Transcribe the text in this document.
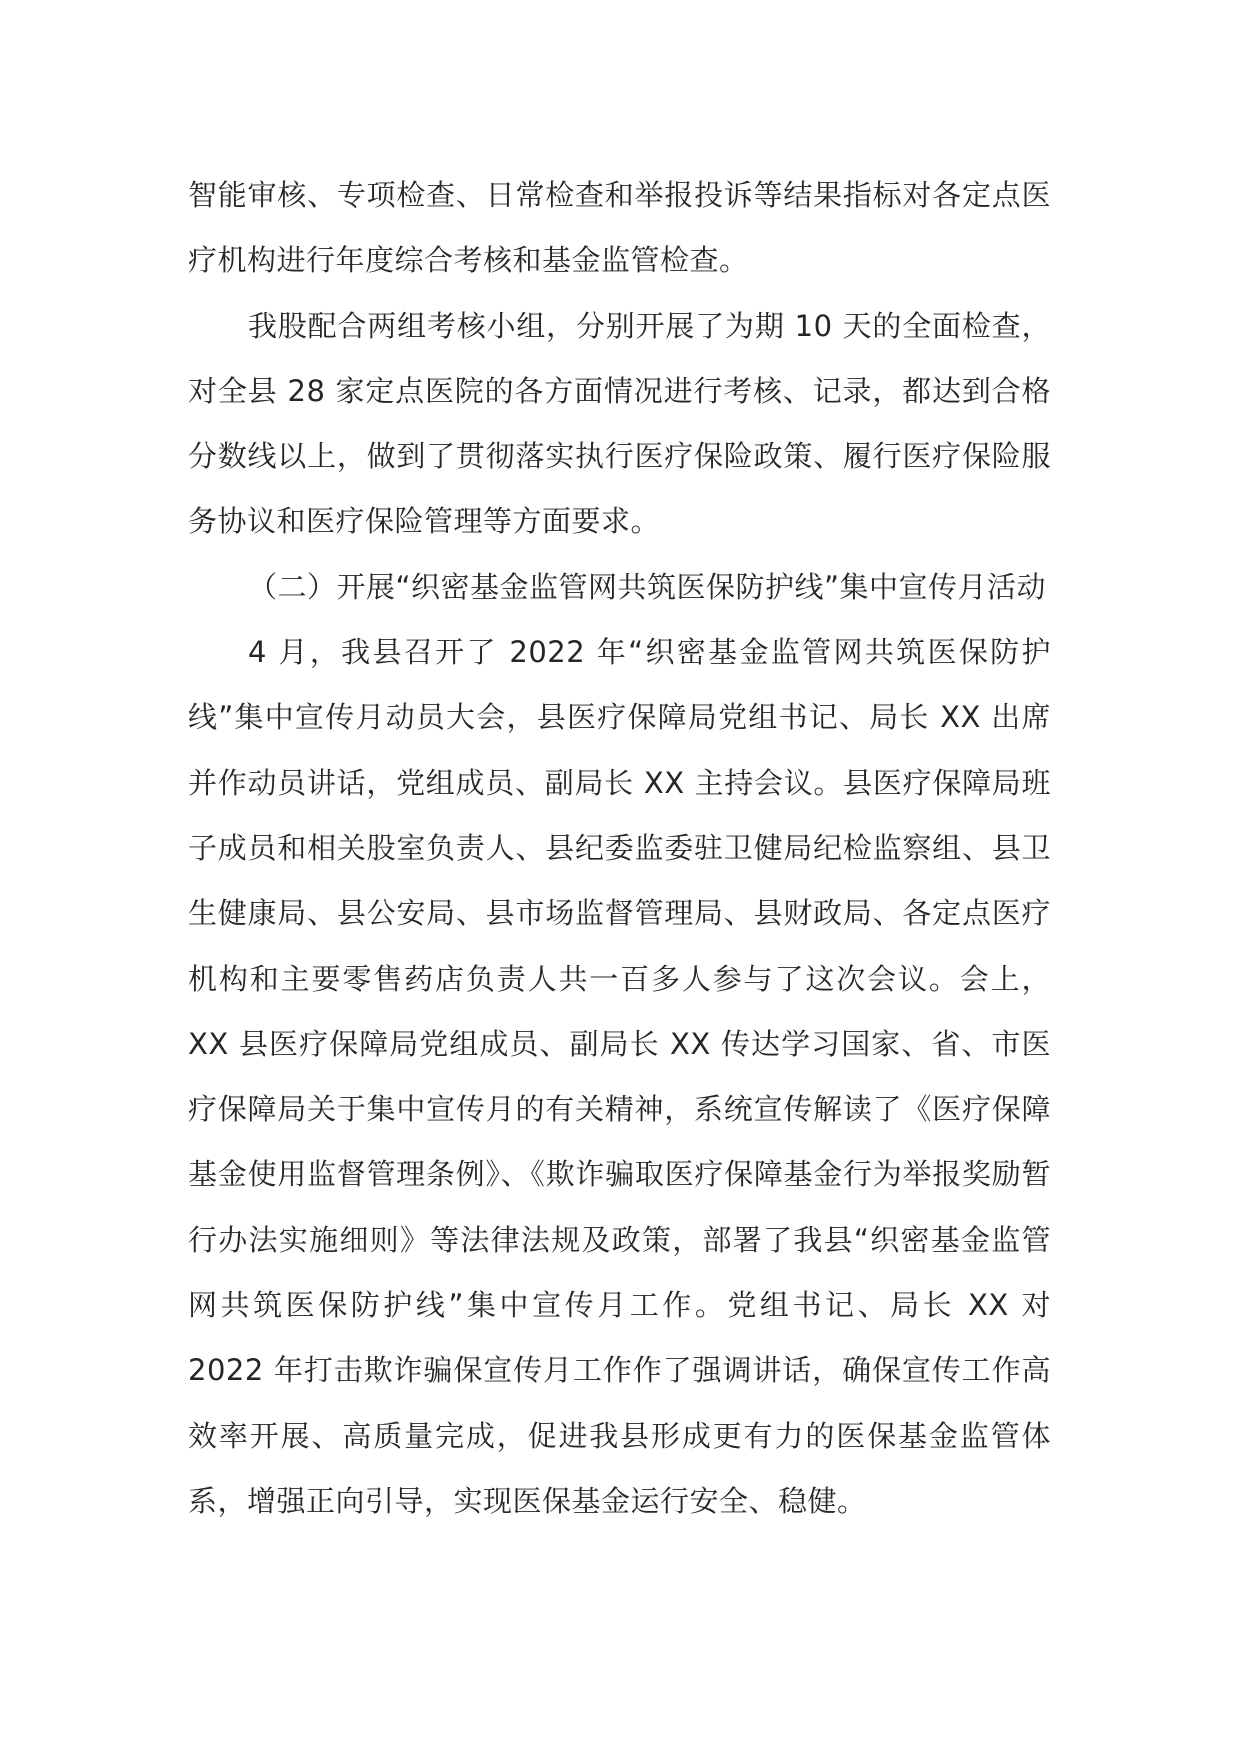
智能审核、专项检查、日常检查和举报投诉等结果指标对各定点医疗机构进行年度综合考核和基金监管检查。

我股配合两组考核小组，分别开展了为期 10 天的全面检查，对全县 28 家定点医院的各方面情况进行考核、记录，都达到合格分数线以上，做到了贯彻落实执行医疗保险政策、履行医疗保险服务协议和医疗保险管理等方面要求。

（二）开展“织密基金监管网共筑医保防护线”集中宣传月活动

4 月，我县召开了 2022 年“织密基金监管网共筑医保防护线”集中宣传月动员大会，县医疗保障局党组书记、局长 XX 出席并作动员讲话，党组成员、副局长 XX 主持会议。县医疗保障局班子成员和相关股室负责人、县纪委监委驻卫健局纪检监察组、县卫生健康局、县公安局、县市场监督管理局、县财政局、各定点医疗机构和主要零售药店负责人共一百多人参与了这次会议。会上，XX 县医疗保障局党组成员、副局长 XX 传达学习国家、省、市医疗保障局关于集中宣传月的有关精神，系统宣传解读了《医疗保障基金使用监督管理条例》、《欺诈骗取医疗保障基金行为举报奖励暂行办法实施细则》等法律法规及政策，部署了我县“织密基金监管网共筑医保防护线”集中宣传月工作。党组书记、局长 XX 对 2022 年打击欺诈骗保宣传月工作作了强调讲话，确保宣传工作高效率开展、高质量完成，促进我县形成更有力的医保基金监管体系，增强正向引导，实现医保基金运行安全、稳健。
